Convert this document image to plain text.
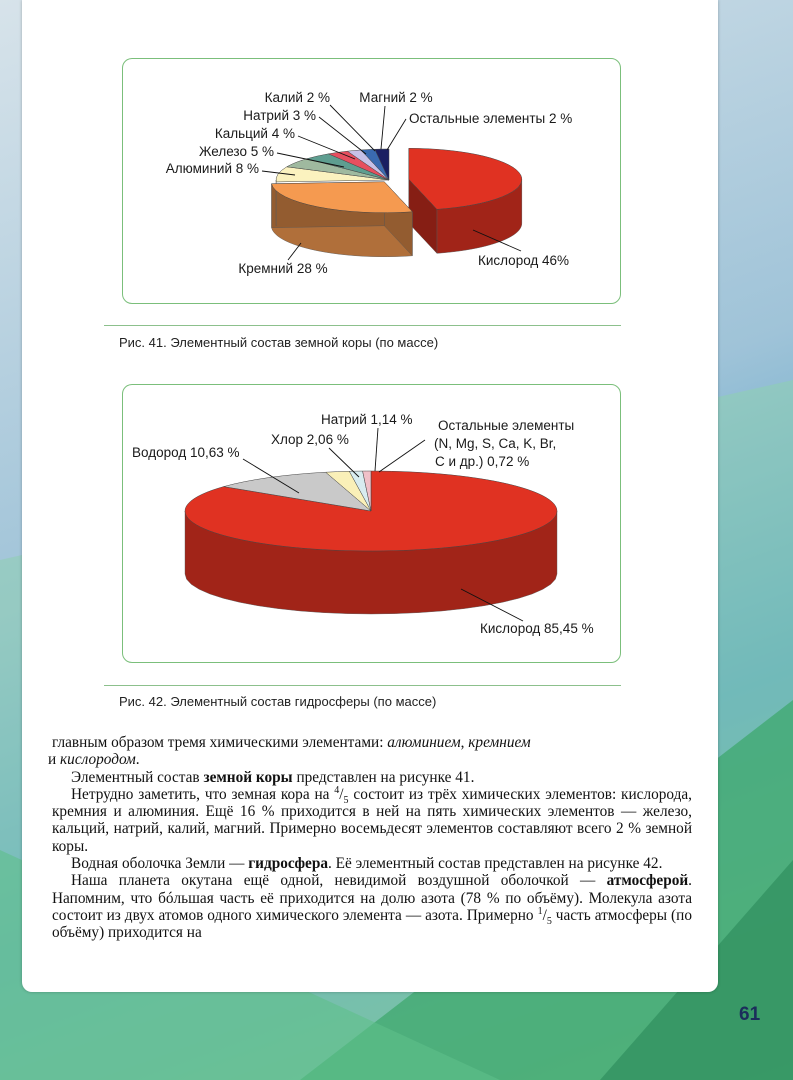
Кислород 46%
Кремний 28 %
Алюминий 8 %
Железо 5 %
Кальций 4 %
Натрий 3 %
Калий 2 % Магний 2 %
Остальные элементы 2 %
Рис. 41. Элементный состав земной коры (по массе)
Кислород 85,45 %
Водород 10,63 %
Хлор 2,06 %
Натрий 1,14 % Остальные элементы
(N, Mg, S, Ca, K, Br,
C и др.) 0,72 %
Рис. 42. Элементный состав гидросферы (по массе)

главным образом тремя химическими элементами: алюминием, кремнием
и кислородом.

Элементный состав земной коры представлен на рисунке 41.

Нетрудно заметить, что земная кора на $^4/_5$ состоит из трёх химических элементов: кислорода, кремния и алюминия. Ещё 16 % приходится в ней на пять химических элементов — железо, кальций, натрий, калий, магний. Примерно восемьдесят элементов составляют всего 2 % земной коры.

Водная оболочка Земли — гидросфера. Её элементный состав представлен на рисунке 42.

Наша планета окутана ещё одной, невидимой воздушной оболочкой — атмосферой. Напомним, что бóльшая часть её приходится на долю азота (78 % по объёму). Молекула азота состоит из двух атомов одного химического элемента — азота. Примерно $^1/_5$ часть атмосферы (по объёму) приходится на

61
